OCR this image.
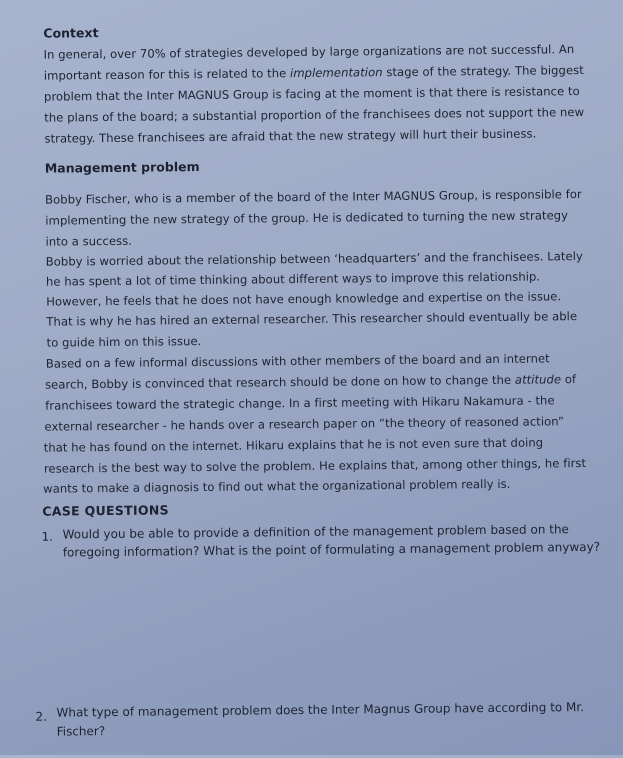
Context

In general, over 70% of strategies developed by large organizations are not successful. An

important reason for this is related to the implementation stage of the strategy. The biggest

problem that the Inter MAGNUS Group is facing at the moment is that there is resistance to

the plans of the board; a substantial proportion of the franchisees does not support the new

strategy. These franchisees are afraid that the new strategy will hurt their business.

Management problem

Bobby Fischer, who is a member of the board of the Inter MAGNUS Group, is responsible for

implementing the new strategy of the group. He is dedicated to turning the new strategy

into a success.

Bobby is worried about the relationship between ‘headquarters’ and the franchisees. Lately

he has spent a lot of time thinking about different ways to improve this relationship.

However, he feels that he does not have enough knowledge and expertise on the issue.

That is why he has hired an external researcher. This researcher should eventually be able

to guide him on this issue.

Based on a few informal discussions with other members of the board and an internet

search, Bobby is convinced that research should be done on how to change the attitude of

franchisees toward the strategic change. In a first meeting with Hikaru Nakamura - the

external researcher - he hands over a research paper on “the theory of reasoned action”

that he has found on the internet. Hikaru explains that he is not even sure that doing

research is the best way to solve the problem. He explains that, among other things, he first

wants to make a diagnosis to find out what the organizational problem really is.

CASE QUESTIONS

1. Would you be able to provide a definition of the management problem based on the

foregoing information? What is the point of formulating a management problem anyway?

2. What type of management problem does the Inter Magnus Group have according to Mr.

Fischer?
